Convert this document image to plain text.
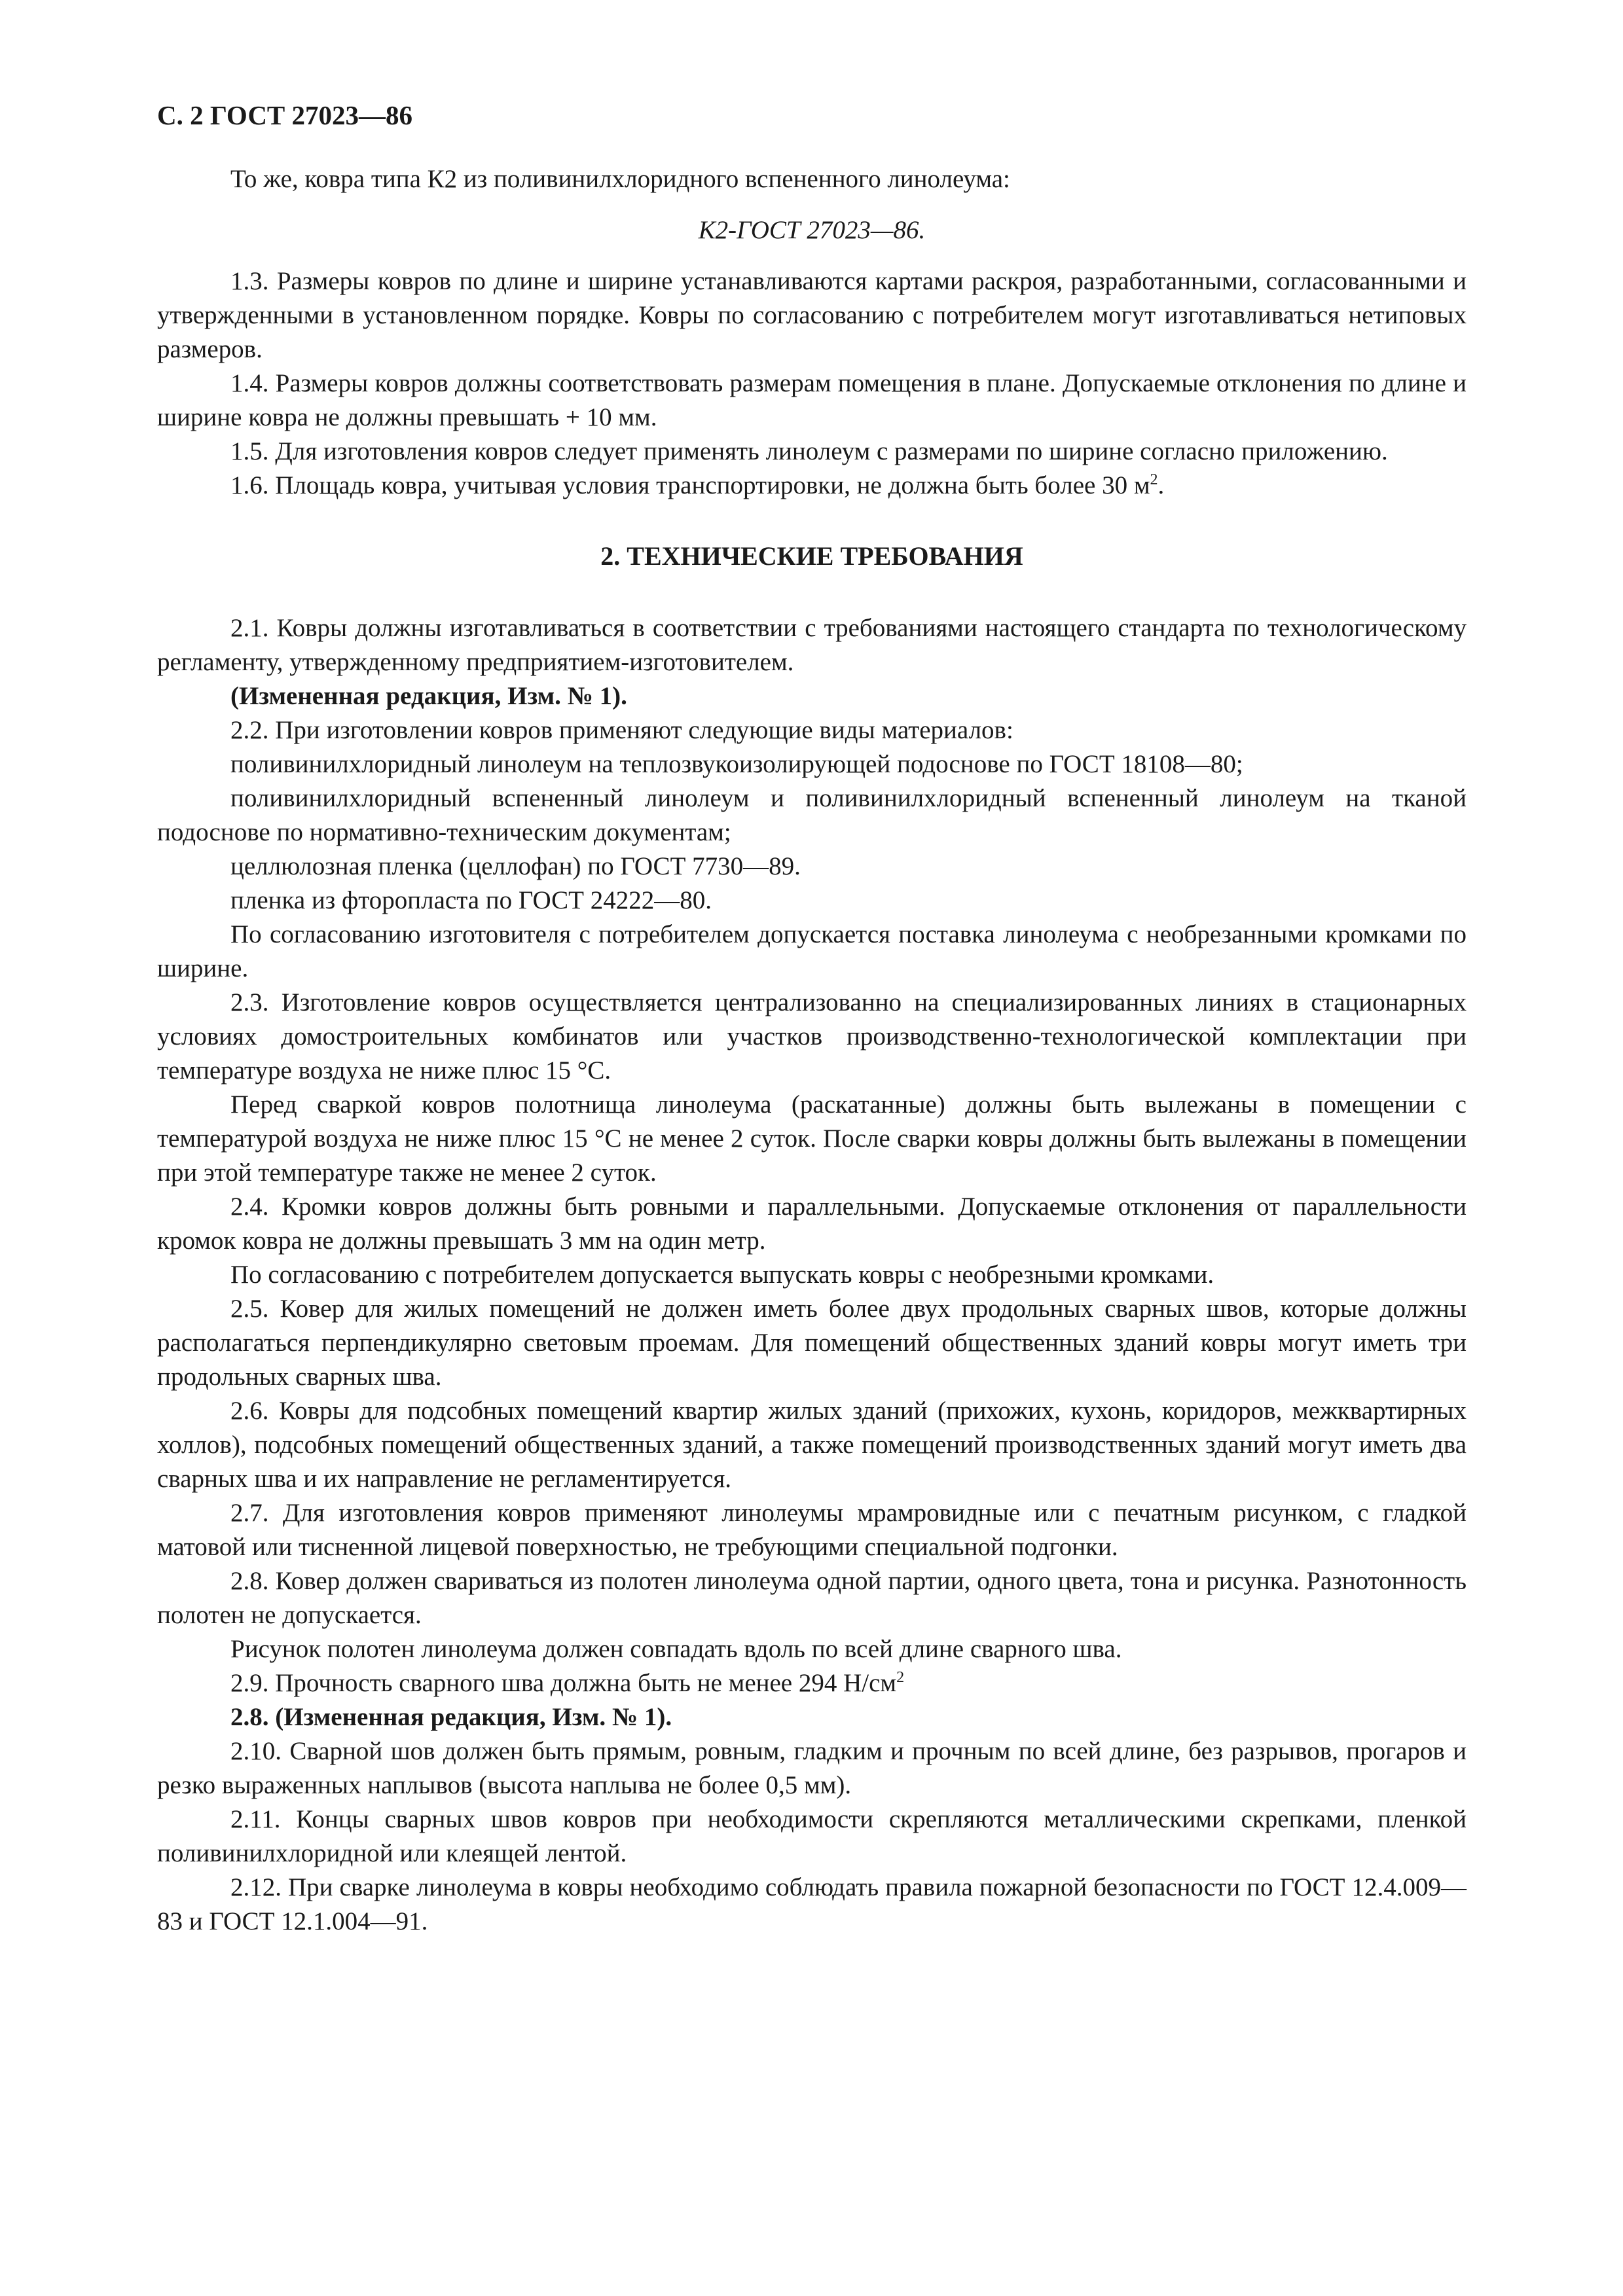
С. 2 ГОСТ 27023—86

То же, ковра типа К2 из поливинилхлоридного вспененного линолеума:

К2-ГОСТ 27023—86.

1.3. Размеры ковров по длине и ширине устанавливаются картами раскроя, разработанными, согласованными и утвержденными в установленном порядке. Ковры по согласованию с потребителем могут изготавливаться нетиповых размеров.

1.4. Размеры ковров должны соответствовать размерам помещения в плане. Допускаемые отклонения по длине и ширине ковра не должны превышать + 10 мм.

1.5. Для изготовления ковров следует применять линолеум с размерами по ширине согласно приложению.

1.6. Площадь ковра, учитывая условия транспортировки, не должна быть более 30 $м^2$.

2. ТЕХНИЧЕСКИЕ ТРЕБОВАНИЯ

2.1. Ковры должны изготавливаться в соответствии с требованиями настоящего стандарта по технологическому регламенту, утвержденному предприятием-изготовителем.

(Измененная редакция, Изм. № 1).

2.2. При изготовлении ковров применяют следующие виды материалов:

поливинилхлоридный линолеум на теплозвукоизолирующей подоснове по ГОСТ 18108—80;

поливинилхлоридный вспененный линолеум и поливинилхлоридный вспененный линолеум на тканой подоснове по нормативно-техническим документам;

целлюлозная пленка (целлофан) по ГОСТ 7730—89.

пленка из фторопласта по ГОСТ 24222—80.

По согласованию изготовителя с потребителем допускается поставка линолеума с необрезанными кромками по ширине.

2.3. Изготовление ковров осуществляется централизованно на специализированных линиях в стационарных условиях домостроительных комбинатов или участков производственно-технологической комплектации при температуре воздуха не ниже плюс 15 °С.

Перед сваркой ковров полотнища линолеума (раскатанные) должны быть вылежаны в помещении с температурой воздуха не ниже плюс 15 °С не менее 2 суток. После сварки ковры должны быть вылежаны в помещении при этой температуре также не менее 2 суток.

2.4. Кромки ковров должны быть ровными и параллельными. Допускаемые отклонения от параллельности кромок ковра не должны превышать 3 мм на один метр.

По согласованию с потребителем допускается выпускать ковры с необрезными кромками.

2.5. Ковер для жилых помещений не должен иметь более двух продольных сварных швов, которые должны располагаться перпендикулярно световым проемам. Для помещений общественных зданий ковры могут иметь три продольных сварных шва.

2.6. Ковры для подсобных помещений квартир жилых зданий (прихожих, кухонь, коридоров, межквартирных холлов), подсобных помещений общественных зданий, а также помещений производственных зданий могут иметь два сварных шва и их направление не регламентируется.

2.7. Для изготовления ковров применяют линолеумы мрамровидные или с печатным рисунком, с гладкой матовой или тисненной лицевой поверхностью, не требующими специальной подгонки.

2.8. Ковер должен свариваться из полотен линолеума одной партии, одного цвета, тона и рисунка. Разнотонность полотен не допускается.

Рисунок полотен линолеума должен совпадать вдоль по всей длине сварного шва.

2.9. Прочность сварного шва должна быть не менее 294 $Н/см^2$

2.8. (Измененная редакция, Изм. № 1).

2.10. Сварной шов должен быть прямым, ровным, гладким и прочным по всей длине, без разрывов, прогаров и резко выраженных наплывов (высота наплыва не более 0,5 мм).

2.11. Концы сварных швов ковров при необходимости скрепляются металлическими скрепками, пленкой поливинилхлоридной или клеящей лентой.

2.12. При сварке линолеума в ковры необходимо соблюдать правила пожарной безопасности по ГОСТ 12.4.009—83 и ГОСТ 12.1.004—91.
